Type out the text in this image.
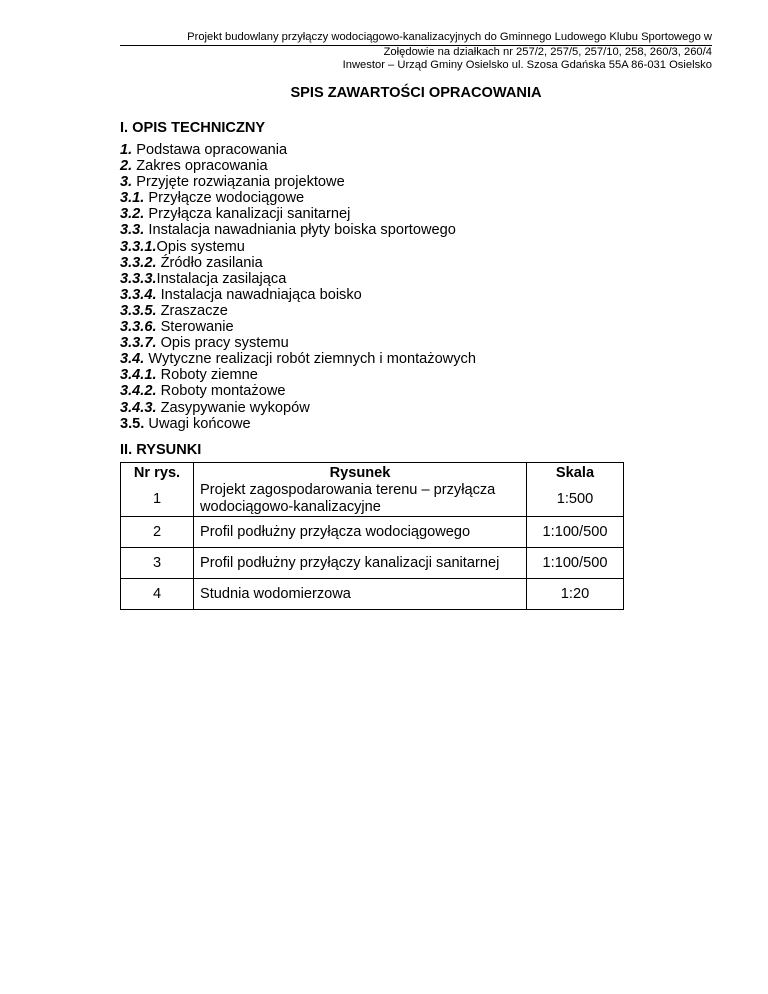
Projekt budowlany przyłączy wodociągowo-kanalizacyjnych do Gminnego Ludowego Klubu Sportowego w
Zołędowie na działkach nr 257/2, 257/5, 257/10, 258, 260/3, 260/4
Inwestor – Urząd Gminy Osielsko ul. Szosa Gdańska 55A 86-031 Osielsko
SPIS ZAWARTOŚCI OPRACOWANIA
I. OPIS TECHNICZNY
1. Podstawa opracowania
2. Zakres opracowania
3. Przyjęte rozwiązania projektowe
3.1. Przyłącze wodociągowe
3.2. Przyłącza kanalizacji sanitarnej
3.3. Instalacja nawadniania płyty boiska sportowego
3.3.1.Opis systemu
3.3.2. Źródło zasilania
3.3.3.Instalacja zasilająca
3.3.4. Instalacja nawadniająca boisko
3.3.5. Zraszacze
3.3.6. Sterowanie
3.3.7. Opis pracy systemu
3.4. Wytyczne realizacji robót ziemnych i montażowych
3.4.1. Roboty ziemne
3.4.2. Roboty montażowe
3.4.3. Zasypywanie wykopów
3.5. Uwagi końcowe
II. RYSUNKI
Nr rys.	Rysunek	Skala
1	Projekt zagospodarowania terenu – przyłącza wodociągowo-kanalizacyjne	1:500
2	Profil podłużny przyłącza wodociągowego	1:100/500
3	Profil podłużny przyłączy kanalizacji sanitarnej	1:100/500
4	Studnia wodomierzowa	1:20
